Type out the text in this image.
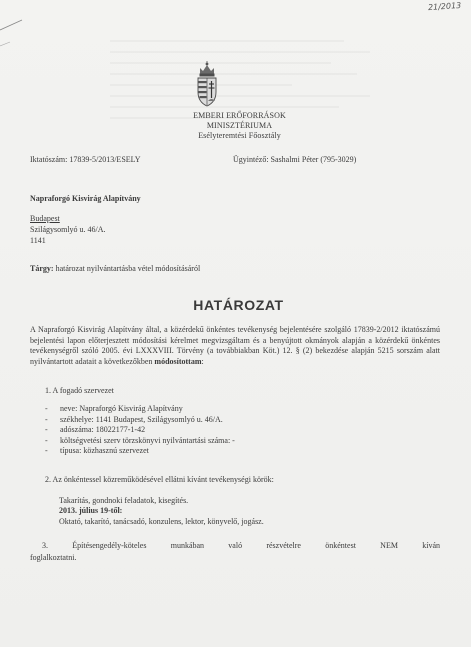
21/2013
EMBERI ERŐFORRÁSOK
MINISZTÉRIUMA
Esélyteremtési Főosztály
Iktatószám: 17839-5/2013/ESELY	Ügyintéző: Sashalmi Péter (795-3029)
Napraforgó Kisvirág Alapítvány
Budapest
Szilágysomlyó u. 46/A.
1141
Tárgy: határozat nyilvántartásba vétel módosításáról
HATÁROZAT
A Napraforgó Kisvirág Alapítvány által, a közérdekű önkéntes tevékenység bejelentésére szolgáló 17839-2/2012 iktatószámú bejelentési lapon előterjesztett módosítási kérelmet megvizsgáltam és a benyújtott okmányok alapján a közérdekű önkéntes tevékenységről szóló 2005. évi LXXXVIII. Törvény (a továbbiakban Köt.) 12. § (2) bekezdése alapján 5215 sorszám alatt nyilvántartott adatait a következőkben módosítottam:
1. A fogadó szervezet
- neve: Napraforgó Kisvirág Alapítvány
- székhelye: 1141 Budapest, Szilágysomlyó u. 46/A.
- adószáma: 18022177-1-42
- költségvetési szerv törzskönyvi nyilvántartási száma: -
- típusa: közhasznú szervezet
2. Az önkéntessel közreműködésével ellátni kívánt tevékenységi körök:
Takarítás, gondnoki feladatok, kisegítés.
2013. július 19-től:
Oktató, takarító, tanácsadó, konzulens, lektor, könyvelő, jogász.
3. Építésengedély-köteles munkában való részvételre önkéntest NEM kíván
foglalkoztatni.
